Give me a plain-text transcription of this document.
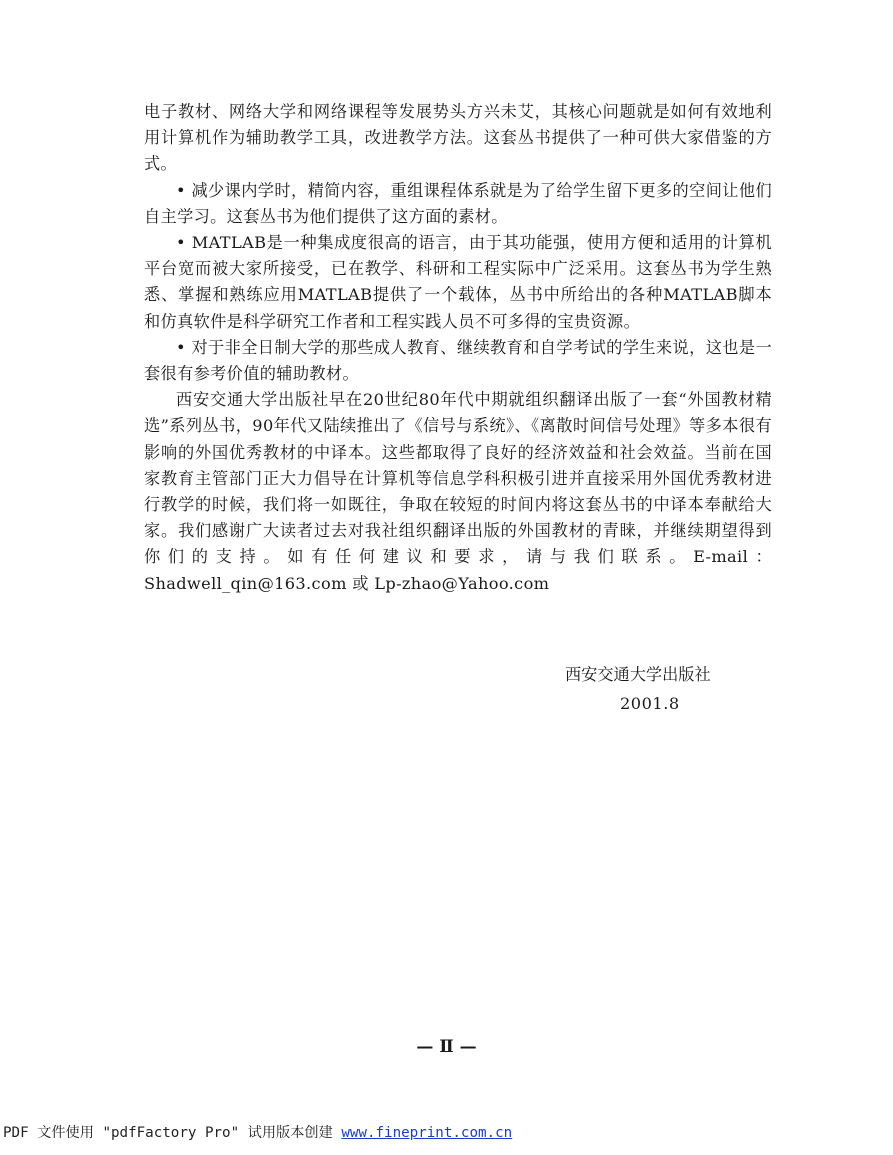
电子教材、网络大学和网络课程等发展势头方兴未艾，其核心问题就是如何有效地利用计算机作为辅助教学工具，改进教学方法。这套丛书提供了一种可供大家借鉴的方式。

• 减少课内学时，精简内容，重组课程体系就是为了给学生留下更多的空间让他们自主学习。这套丛书为他们提供了这方面的素材。

• MATLAB是一种集成度很高的语言，由于其功能强，使用方便和适用的计算机平台宽而被大家所接受，已在教学、科研和工程实际中广泛采用。这套丛书为学生熟悉、掌握和熟练应用MATLAB提供了一个载体，丛书中所给出的各种MATLAB脚本和仿真软件是科学研究工作者和工程实践人员不可多得的宝贵资源。

• 对于非全日制大学的那些成人教育、继续教育和自学考试的学生来说，这也是一套很有参考价值的辅助教材。

西安交通大学出版社早在20世纪80年代中期就组织翻译出版了一套“外国教材精选”系列丛书，90年代又陆续推出了《信号与系统》、《离散时间信号处理》等多本很有影响的外国优秀教材的中译本。这些都取得了良好的经济效益和社会效益。当前在国家教育主管部门正大力倡导在计算机等信息学科积极引进并直接采用外国优秀教材进行教学的时候，我们将一如既往，争取在较短的时间内将这套丛书的中译本奉献给大家。我们感谢广大读者过去对我社组织翻译出版的外国教材的青睐，并继续期望得到你们的支持。如有任何建议和要求，请与我们联系。E-mail：Shadwell_qin@163.com 或 Lp-zhao@Yahoo.com

西安交通大学出版社
2001.8
— Ⅱ —
PDF 文件使用 "pdfFactory Pro" 试用版本创建 www.fineprint.com.cn
